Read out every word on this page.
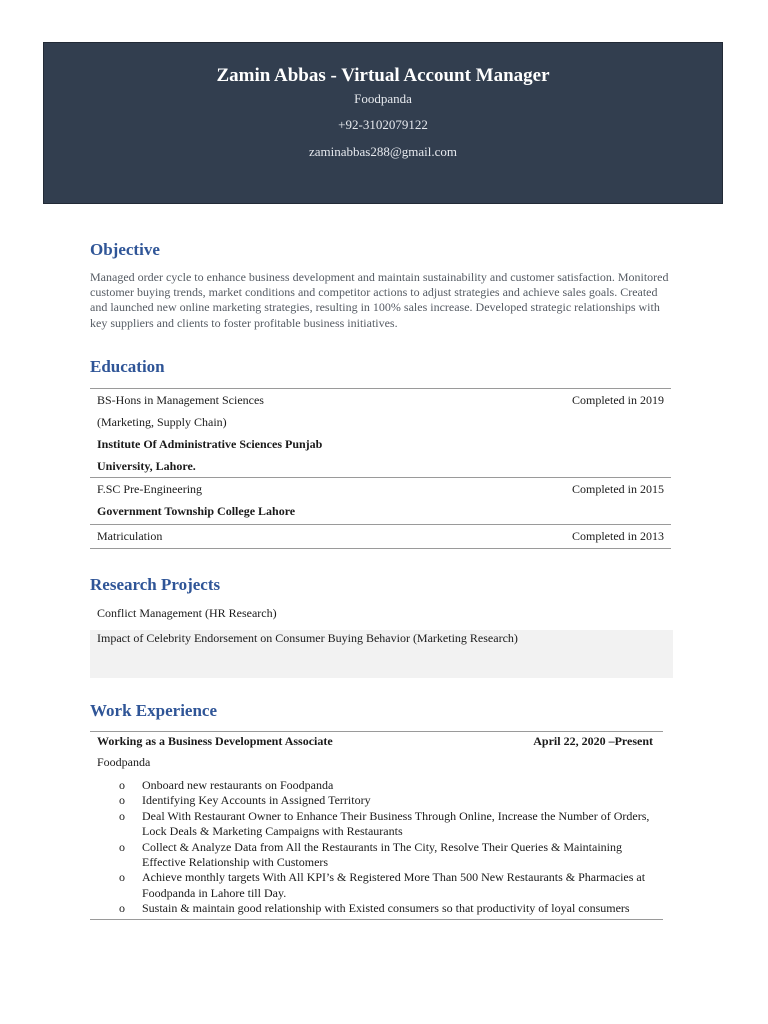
Zamin Abbas - Virtual Account Manager
Foodpanda
+92-3102079122
zaminabbas288@gmail.com
Objective
Managed order cycle to enhance business development and maintain sustainability and customer satisfaction. Monitored customer buying trends, market conditions and competitor actions to adjust strategies and achieve sales goals. Created and launched new online marketing strategies, resulting in 100% sales increase. Developed strategic relationships with key suppliers and clients to foster profitable business initiatives.
Education
BS-Hons in Management Sciences	Completed in 2019
(Marketing, Supply Chain)
Institute Of Administrative Sciences Punjab
University, Lahore.
F.SC Pre-Engineering	Completed in 2015
Government Township College Lahore
Matriculation	Completed in 2013
Research Projects
Conflict Management (HR Research)
Impact of Celebrity Endorsement on Consumer Buying Behavior (Marketing Research)
Work Experience
Working as a Business Development Associate	April 22, 2020 –Present
Foodpanda
o Onboard new restaurants on Foodpanda
o Identifying Key Accounts in Assigned Territory
o Deal With Restaurant Owner to Enhance Their Business Through Online, Increase the Number of Orders, Lock Deals & Marketing Campaigns with Restaurants
o Collect & Analyze Data from All the Restaurants in The City, Resolve Their Queries & Maintaining Effective Relationship with Customers
o Achieve monthly targets With All KPI’s & Registered More Than 500 New Restaurants & Pharmacies at Foodpanda in Lahore till Day.
o Sustain & maintain good relationship with Existed consumers so that productivity of loyal consumers
